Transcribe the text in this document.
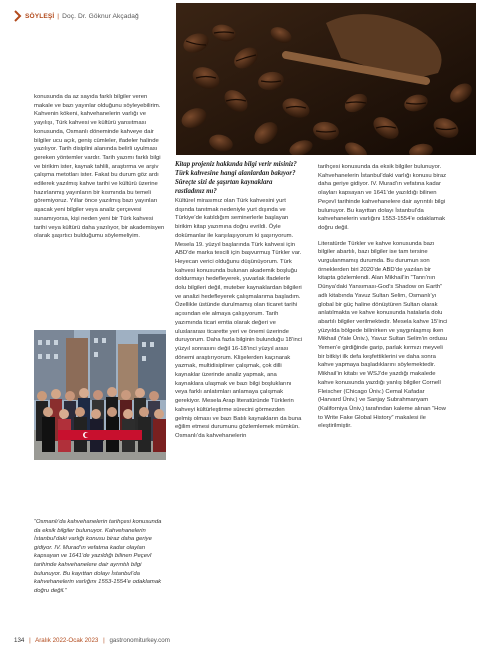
SÖYLEŞİ | Doç. Dr. Göknur Akçadağ

konusunda da az sayıda farklı bilgiler veren makale ve bazı yayınlar olduğunu söyleyebilirim. Kahvenin kökeni, kahvehanelerin varlığı ve yayılışı, Türk kahvesi ve kültürü yansıtması konusunda, Osmanlı döneminde kahveye dair bilgiler ucu açık, geniş cümleler, ifadeler halinde yazılıyor. Tarih disiplini alanında belirli uyulması gereken yöntemler vardır. Tarih yazımı farklı bilgi ve birikim ister, kaynak tahlili, araştırma ve arşiv çalışma metotları ister. Fakat bu durum göz ardı edilerek yazılmış kahve tarihi ve kültürü üzerine hazırlanmış yayınların bir kısmında bu temeli göremiyoruz. Yıllar önce yazılmış bazı yayınları aşacak yeni bilgiler veya analiz çerçevesi sunamıyorsa, kişi neden yeni bir Türk kahvesi tarihi veya kültürü daha yazılıyor, bir akademisyen olarak şaşırtıcı bulduğumu söylemeliyim.

“Osmanlı’da kahvehanelerin tarihçesi konusunda da eksik bilgiler bulunuyor. Kahvehanelerin İstanbul’daki varlığı konusu biraz daha geriye gidiyor. IV. Murad’ın vefatına kadar olayları kapsayan ve 1641’de yazıldığı bilinen Peçevî tarihinde kahvehanelere dair ayrıntılı bilgi bulunuyor. Bu kayıttan dolayı İstanbul’da kahvehanelerin varlığını 1553-1554’e odaklamak doğru değil.”

Kitap projeniz hakkında bilgi verir misiniz? Türk kahvesine hangi alanlardan bakıyor? Süreçte sizi de şaşırtan kaynaklara rastladınız mı?

Kültürel mirasımız olan Türk kahvesini yurt dışında tanıtmak nedeniyle yurt dışında ve Türkiye’de katıldığım seminerlerle başlayan birikim kitap yazımına doğru evrildi. Öyle dokümanlar ile karşılaşıyorum ki şaşırıyorum. Mesela 19. yüzyıl başlarında Türk kahvesi için ABD’de marka tescili için başvurmuş Türkler var. Heyecan verici olduğunu düşünüyorum. Türk kahvesi konusunda bulunan akademik boşluğu doldurmayı hedefleyerek, yuvarlak ifadelerle dolu bilgileri değil, muteber kaynaklardan bilgileri ve analizi hedefleyerek çalışmalarıma başladım. Özellikle üstünde durulmamış olan ticaret tarihi açısından ele almaya çalışıyorum. Tarih yazımında ticari emtia olarak değeri ve uluslararası ticarette yeri ve önemi üzerinde duruyorum. Daha fazla bilginin bulunduğu 18’inci yüzyıl sonrasını değil 16-18’inci yüzyıl arası dönemi araştırıyorum. Klişelerden kaçınarak yazmak, multidisipliner çalışmak, çok dilli kaynaklar üzerinde analiz yapmak, ana kaynaklara ulaşmak ve bazı bilgi boşluklarını veya farklı anlatımları anlamaya çalışmak gerekiyor. Mesela Arap literatüründe Türklerin kahveyi kültürleştirme sürecini görmezden gelmiş olması ve bazı Batılı kaynakların da buna eğilim etmesi durumunu gözlemlemek mümkün. Osmanlı’da kahvehanelerin

tarihçesi konusunda da eksik bilgiler bulunuyor. Kahvehanelerin İstanbul’daki varlığı konusu biraz daha geriye gidiyor. IV. Murad’ın vefatına kadar olayları kapsayan ve 1641’de yazıldığı bilinen Peçevî tarihinde kahvehanelere dair ayrıntılı bilgi bulunuyor. Bu kayıttan dolayı İstanbul’da kahvehanelerin varlığını 1553-1554’e odaklamak doğru değil.

Literatürde Türkler ve kahve konusunda bazı bilgiler abartılı, bazı bilgiler ise tam tersine vurgulanmamış durumda. Bu durumun son örneklerden biri 2020’de ABD’de yazılan bir kitapta gözlemlendi. Alan Mikhail’in “Tanrı’nın Dünya’daki Yansıması-God’s Shadow on Earth” adlı kitabında Yavuz Sultan Selim, Osmanlı’yı global bir güç haline dönüştüren Sultan olarak anlatılmakta ve kahve konusunda hatalarla dolu abartılı bilgiler verilmektedir. Mesela kahve 15’inci yüzyılda bölgede bilinirken ve yaygınlaşmış iken Mikhail (Yale Üniv.), Yavuz Sultan Selim’in ordusu Yemen’e girdiğinde garip, parlak kırmızı meyveli bir bitkiyi ilk defa keşfettiklerini ve daha sonra kahve yapmaya başladıklarını söylemektedir. Mikhail’in kitabı ve WSJ’de yazdığı makalede kahve konusunda yazdığı yanlış bilgiler Cornell Fleischer (Chicago Üniv.) Cemal Kafadar (Harvard Üniv.) ve Sanjay Subrahmanyam (Kaliforniya Üniv.) tarafından kaleme alınan “How to Write Fake Global History” makalesi ile eleştirilmiştir.

134 | Aralık 2022-Ocak 2023 | gastronomiturkey.com
